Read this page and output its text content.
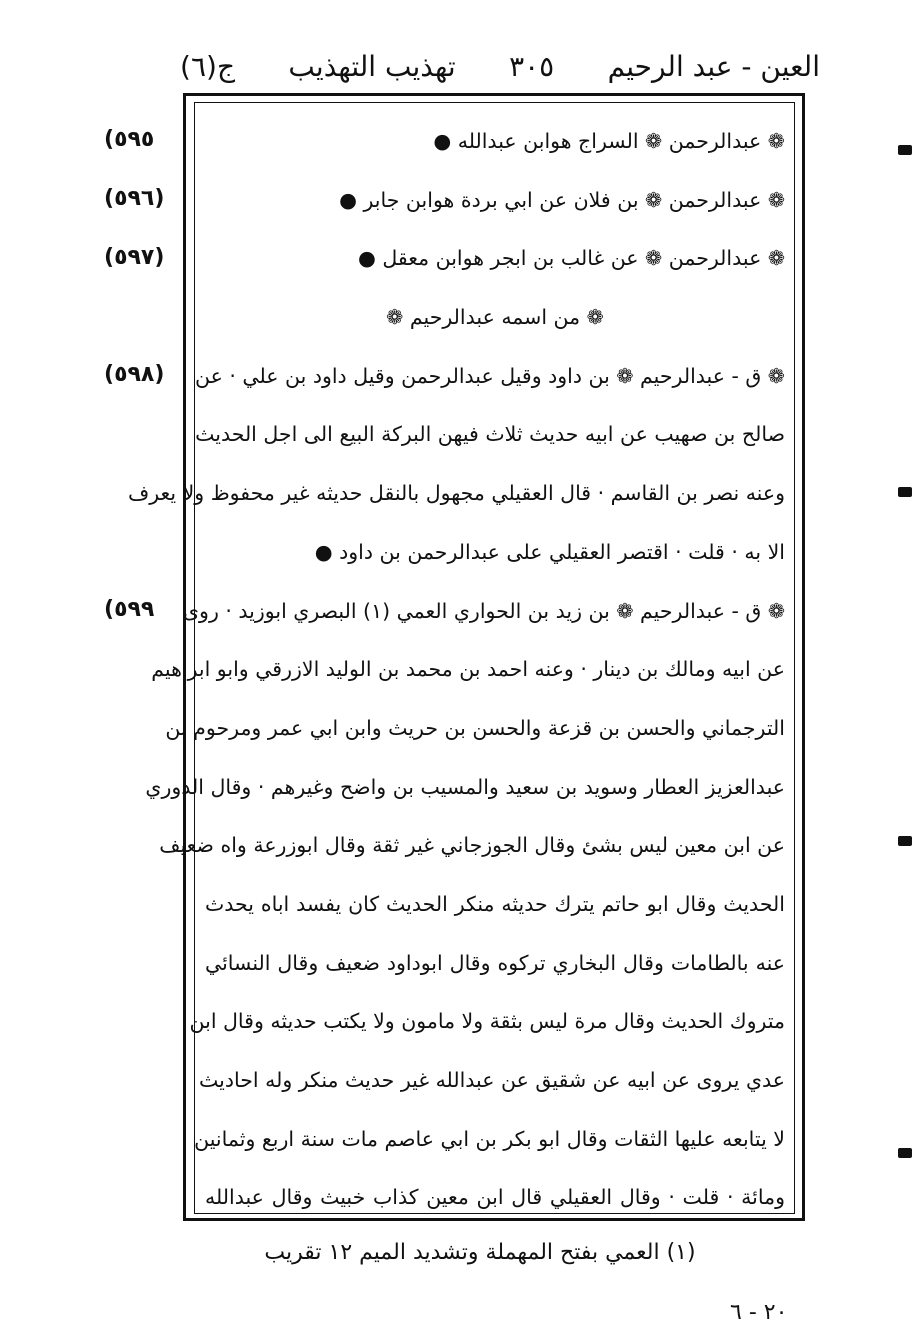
العين - عبد الرحيم
٣٠٥
تهذيب التهذيب
ج(٦)
❁ عبدالرحمن ❁ السراج هوابن عبدالله ●
❁ عبدالرحمن ❁ بن فلان عن ابي بردة هوابن جابر ●
❁ عبدالرحمن ❁ عن غالب بن ابجر هوابن معقل ●
❁ من اسمه عبدالرحيم ❁
❁ ق - عبدالرحيم ❁ بن داود وقيل عبدالرحمن وقيل داود بن علي · عن
صالح بن صهيب عن ابيه حديث ثلاث فيهن البركة البيع الى اجل الحديث
وعنه نصر بن القاسم · قال العقيلي مجهول بالنقل حديثه غير محفوظ ولا يعرف
الا به · قلت · اقتصر العقيلي على عبدالرحمن بن داود ●
❁ ق - عبدالرحيم ❁ بن زيد بن الحواري العمي (١) البصري ابوزيد · روى
عن ابيه ومالك بن دينار · وعنه احمد بن محمد بن الوليد الازرقي وابو ابراهيم
الترجماني والحسن بن قزعة والحسن بن حريث وابن ابي عمر ومرحوم بن
عبدالعزيز العطار وسويد بن سعيد والمسيب بن واضح وغيرهم · وقال الدوري
عن ابن معين ليس بشئ وقال الجوزجاني غير ثقة وقال ابوزرعة واه ضعيف
الحديث وقال ابو حاتم يترك حديثه منكر الحديث كان يفسد اباه يحدث
عنه بالطامات وقال البخاري تركوه وقال ابوداود ضعيف وقال النسائي
متروك الحديث وقال مرة ليس بثقة ولا مامون ولا يكتب حديثه وقال ابن
عدي يروى عن ابيه عن شقيق عن عبدالله غير حديث منكر وله احاديث
لا يتابعه عليها الثقات وقال ابو بكر بن ابي عاصم مات سنة اربع وثمانين
ومائة · قلت · وقال العقيلي قال ابن معين كذاب خبيث وقال عبدالله
(٥٩٥
(٥٩٦)
(٥٩٧)
(٥٩٨)
(٥٩٩
(١) العمي بفتح المهملة وتشديد الميم ١٢ تقريب
٢٠ - ٦
